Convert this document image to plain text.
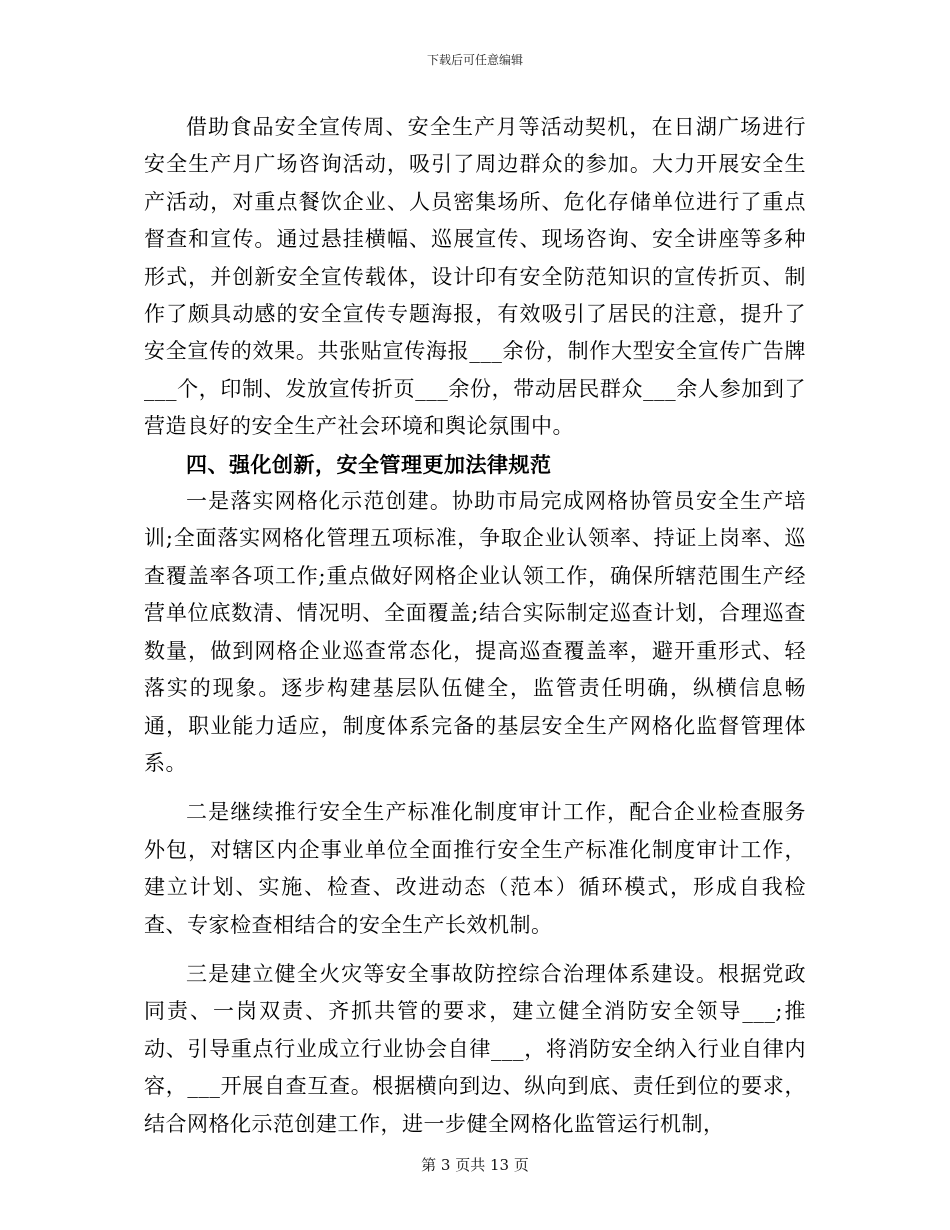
下载后可任意编辑

借助食品安全宣传周、安全生产月等活动契机，在日湖广场进行安全生产月广场咨询活动，吸引了周边群众的参加。大力开展安全生产活动，对重点餐饮企业、人员密集场所、危化存储单位进行了重点督查和宣传。通过悬挂横幅、巡展宣传、现场咨询、安全讲座等多种形式，并创新安全宣传载体，设计印有安全防范知识的宣传折页、制作了颇具动感的安全宣传专题海报，有效吸引了居民的注意，提升了安全宣传的效果。共张贴宣传海报___余份，制作大型安全宣传广告牌___个，印制、发放宣传折页___余份，带动居民群众___余人参加到了营造良好的安全生产社会环境和舆论氛围中。

四、强化创新，安全管理更加法律规范

一是落实网格化示范创建。协助市局完成网格协管员安全生产培训;全面落实网格化管理五项标准，争取企业认领率、持证上岗率、巡查覆盖率各项工作;重点做好网格企业认领工作，确保所辖范围生产经营单位底数清、情况明、全面覆盖;结合实际制定巡查计划，合理巡查数量，做到网格企业巡查常态化，提高巡查覆盖率，避开重形式、轻落实的现象。逐步构建基层队伍健全，监管责任明确，纵横信息畅通，职业能力适应，制度体系完备的基层安全生产网格化监督管理体系。

二是继续推行安全生产标准化制度审计工作，配合企业检查服务外包，对辖区内企事业单位全面推行安全生产标准化制度审计工作，建立计划、实施、检查、改进动态（范本）循环模式，形成自我检查、专家检查相结合的安全生产长效机制。

三是建立健全火灾等安全事故防控综合治理体系建设。根据党政同责、一岗双责、齐抓共管的要求，建立健全消防安全领导___;推动、引导重点行业成立行业协会自律___，将消防安全纳入行业自律内容，___开展自查互查。根据横向到边、纵向到底、责任到位的要求，结合网格化示范创建工作，进一步健全网格化监管运行机制，

第 3 页共 13 页
